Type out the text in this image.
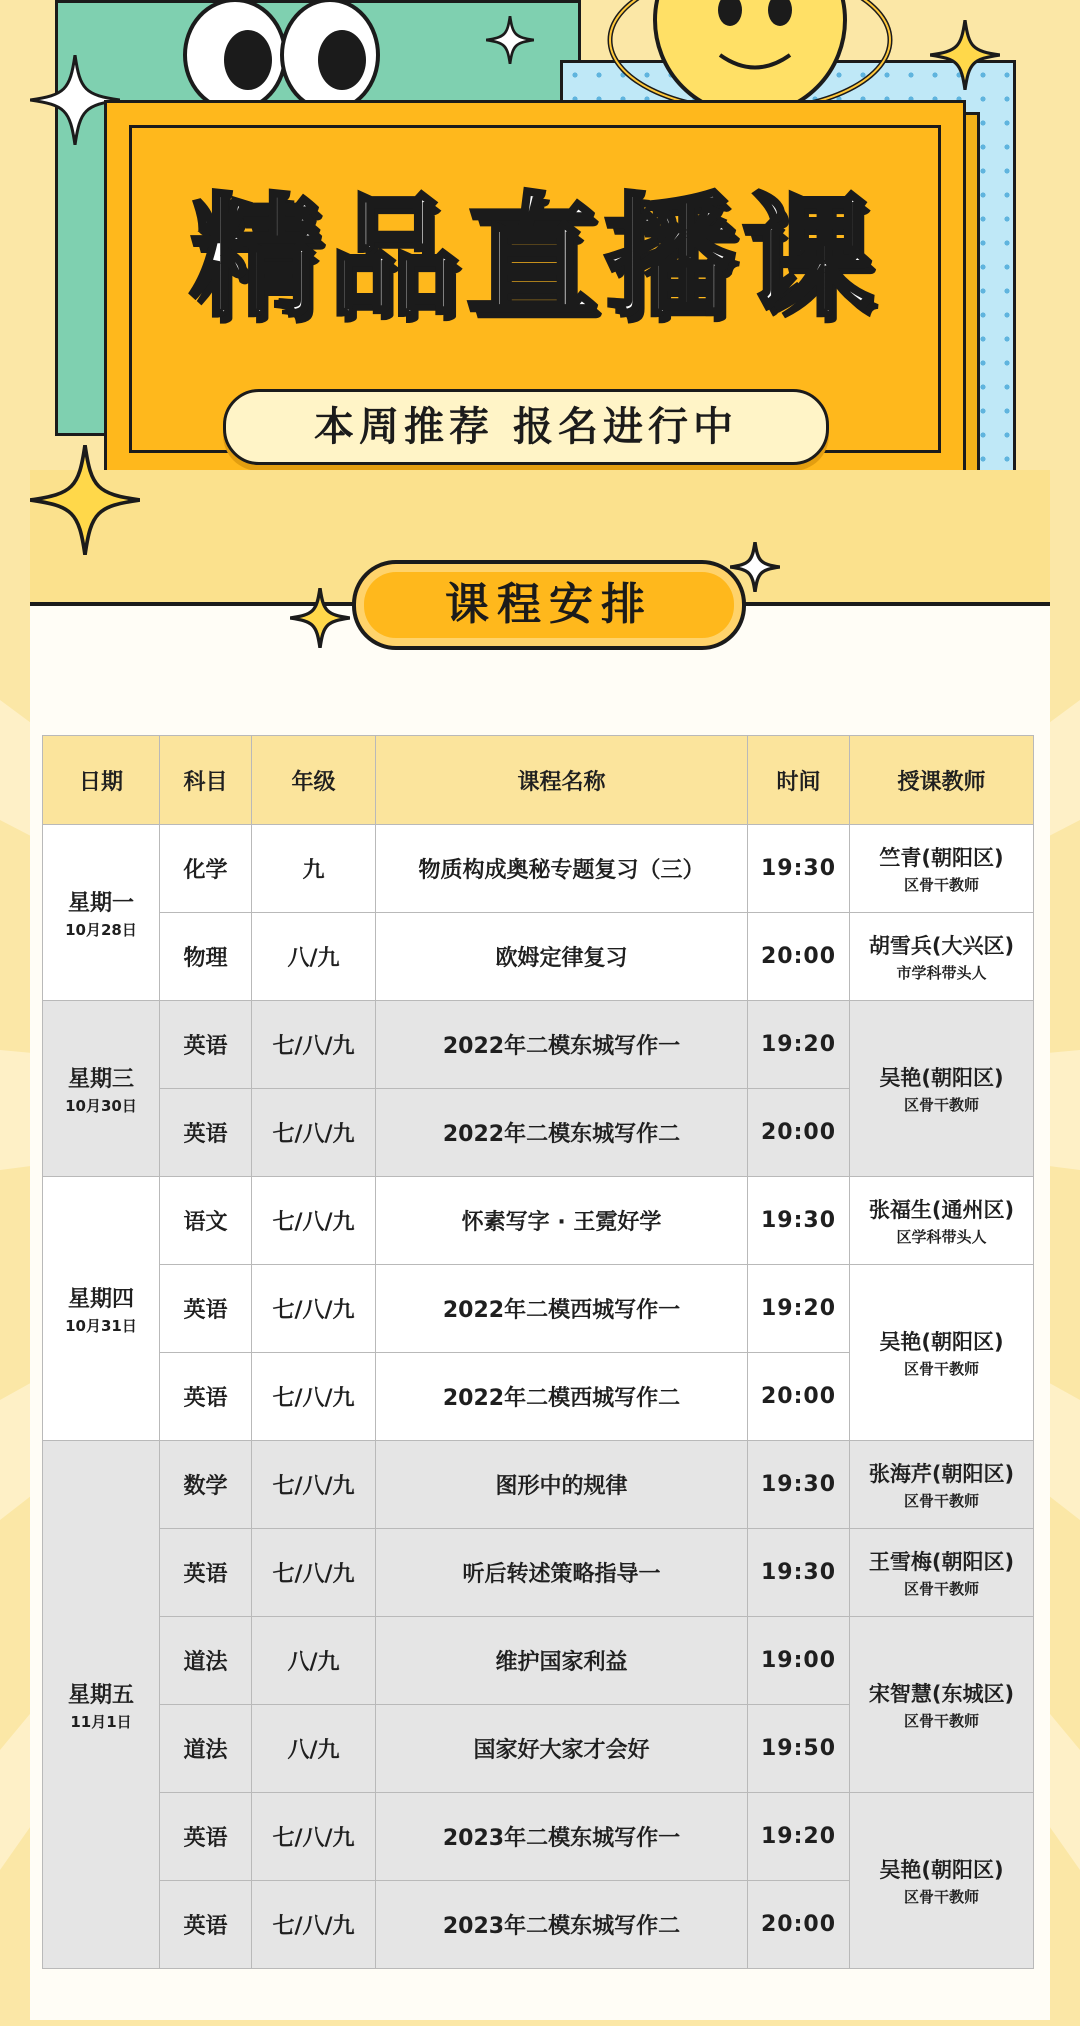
精品直播课
本周推荐 报名进行中
课程安排
日期	科目	年级	课程名称	时间	授课教师

星期一
10月28日	化学	九	物质构成奥秘专题复习（三）	19:30	竺青(朝阳区)
区骨干教师

	物理	八/九	欧姆定律复习	20:00	胡雪兵(大兴区)
市学科带头人

星期三
10月30日	英语	七/八/九	2022年二模东城写作一	19:20	吴艳(朝阳区)
区骨干教师

	英语	七/八/九	2022年二模东城写作二	20:00	

星期四
10月31日	语文	七/八/九	怀素写字 · 王霓好学	19:30	张福生(通州区)
区学科带头人

	英语	七/八/九	2022年二模西城写作一	19:20	吴艳(朝阳区)
区骨干教师

	英语	七/八/九	2022年二模西城写作二	20:00	

星期五
11月1日	数学	七/八/九	图形中的规律	19:30	张海芹(朝阳区)
区骨干教师

	英语	七/八/九	听后转述策略指导一	19:30	王雪梅(朝阳区)
区骨干教师

	道法	八/九	维护国家利益	19:00	宋智慧(东城区)
区骨干教师

	道法	八/九	国家好大家才会好	19:50	
	英语	七/八/九	2023年二模东城写作一	19:20	吴艳(朝阳区)
区骨干教师

	英语	七/八/九	2023年二模东城写作二	20:00	
